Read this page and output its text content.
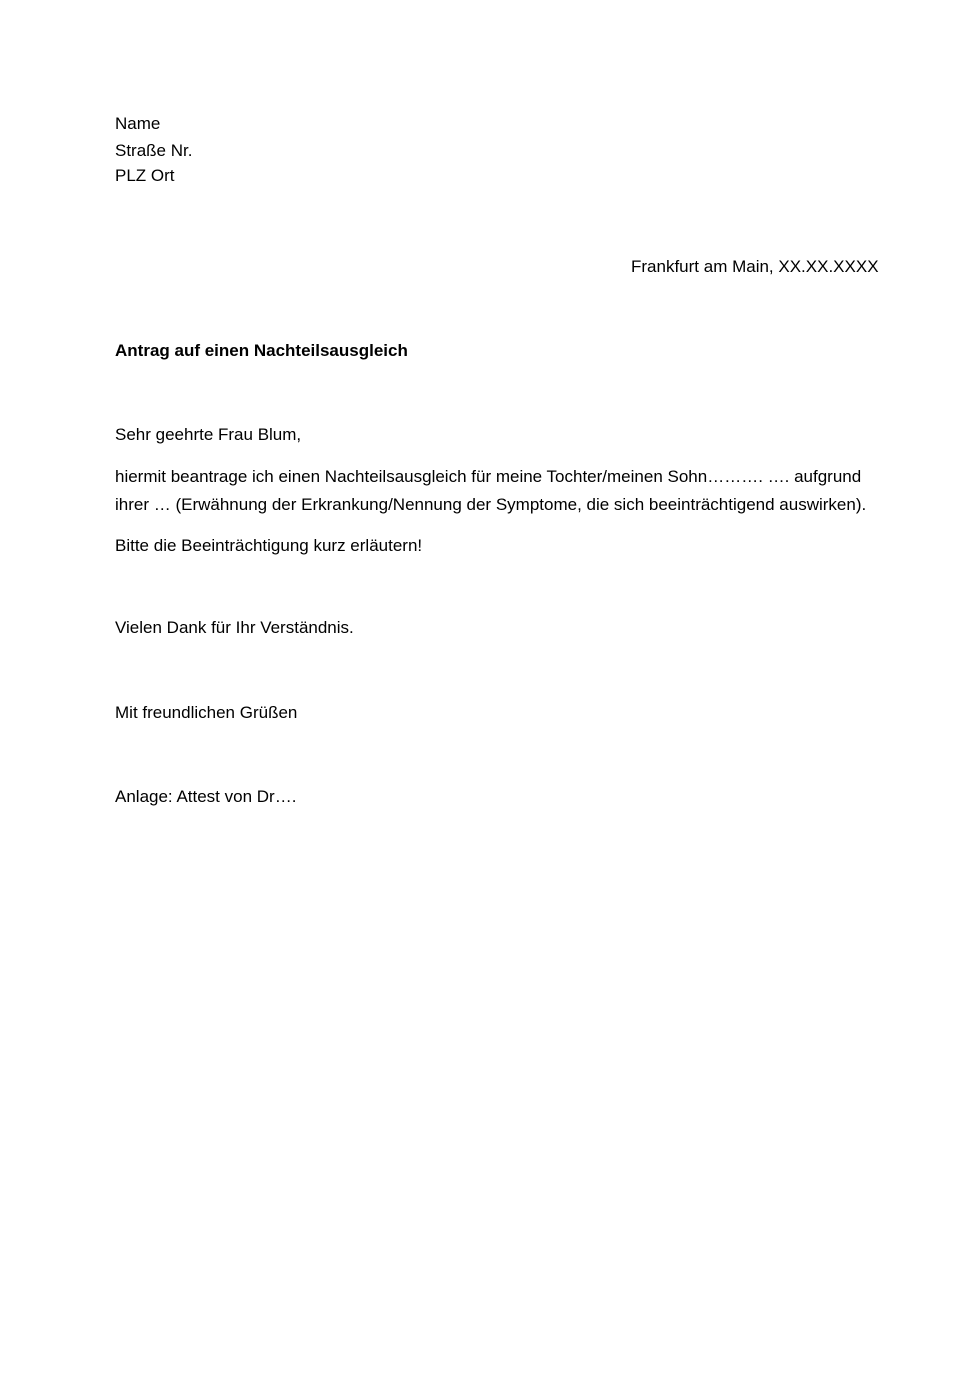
Name
Straße Nr.
PLZ Ort
Frankfurt am Main, XX.XX.XXXX
Antrag auf einen Nachteilsausgleich
Sehr geehrte Frau Blum,
hiermit beantrage ich einen Nachteilsausgleich für meine Tochter/meinen Sohn………. …. aufgrund
ihrer … (Erwähnung der Erkrankung/Nennung der Symptome, die sich beeinträchtigend auswirken).
Bitte die Beeinträchtigung kurz erläutern!
Vielen Dank für Ihr Verständnis.
Mit freundlichen Grüßen
Anlage: Attest von Dr….
